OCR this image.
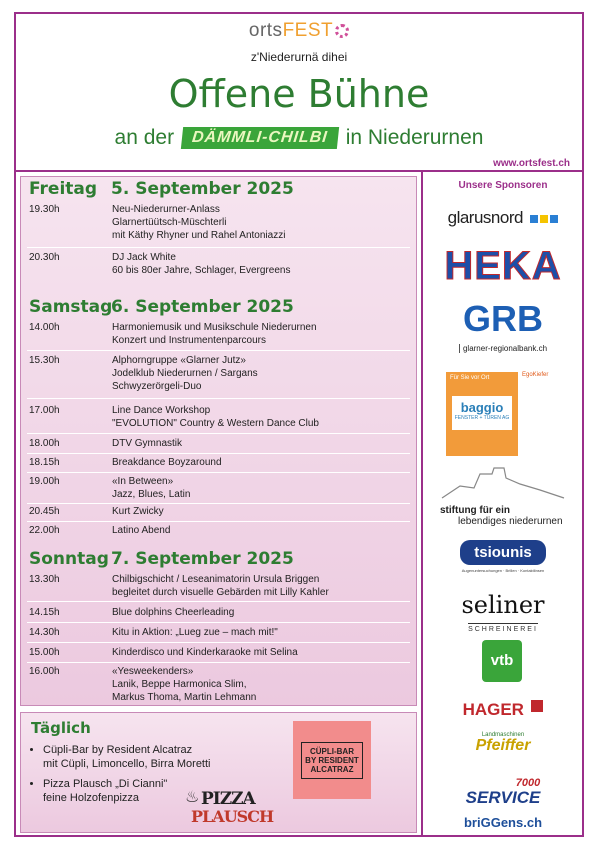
ortsFEST
z'Niederurnä dihei
Offene Bühne
an der DÄMMLI-CHILBI in Niederurnen
www.ortsfest.ch
Freitag 5. September 2025
19.30h	Neu-Niederurner-Anlass
Glarnertüütsch-Müschterli
mit Käthy Rhyner und Rahel Antoniazzi
20.30h	DJ Jack White
60 bis 80er Jahre, Schlager, Evergreens
Samstag
6. September 2025
14.00h	Harmoniemusik und Musikschule Niederurnen
Konzert und Instrumentenparcours
15.30h	Alphorngruppe «Glarner Jutz»
Jodelklub Niederurnen / Sargans
Schwyzerörgeli-Duo
17.00h	Line Dance Workshop
"EVOLUTION" Country & Western Dance Club
18.00h	DTV Gymnastik
18.15h	Breakdance Boyzaround
19.00h	«In Between»
Jazz, Blues, Latin
20.45h	Kurt Zwicky
22.00h	Latino Abend
Sonntag 7. September 2025
13.30h	Chilbigschicht / Leseanimatorin Ursula Briggen
begleitet durch visuelle Gebärden mit Lilly Kahler
14.15h	Blue dolphins Cheerleading
14.30h	Kitu in Aktion: „Lueg zue – mach mit!"
15.00h	Kinderdisco und Kinderkaraoke mit Selina
16.00h	«Yesweekenders»
Lanik, Beppe Harmonica Slim,
Markus Thoma, Martin Lehmann
Täglich
• Cüpli-Bar by Resident Alcatraz
mit Cüpli, Limoncello, Birra Moretti
• Pizza Plausch „Di Cianni"
feine Holzofenpizza
CÜPLI-BAR
BY RESIDENT
ALCATRAZ
♨ PIZZA
PLAUSCH
Unsere Sponsoren
glarusnord
HEKA
GRB
glarner-regionalbank.ch
Für Sie vor Ort
baggio
FENSTER + TÜREN AG
EgoKiefer
stiftung für ein
lebendiges niederurnen
tsiounis
Augenuntersuchungen · Brillen · Kontaktlinsen
seliner
SCHREINEREI
vtb
HAGER
Landmaschinen
Pfeiffer
7000
SERVICE
briGGens.ch
